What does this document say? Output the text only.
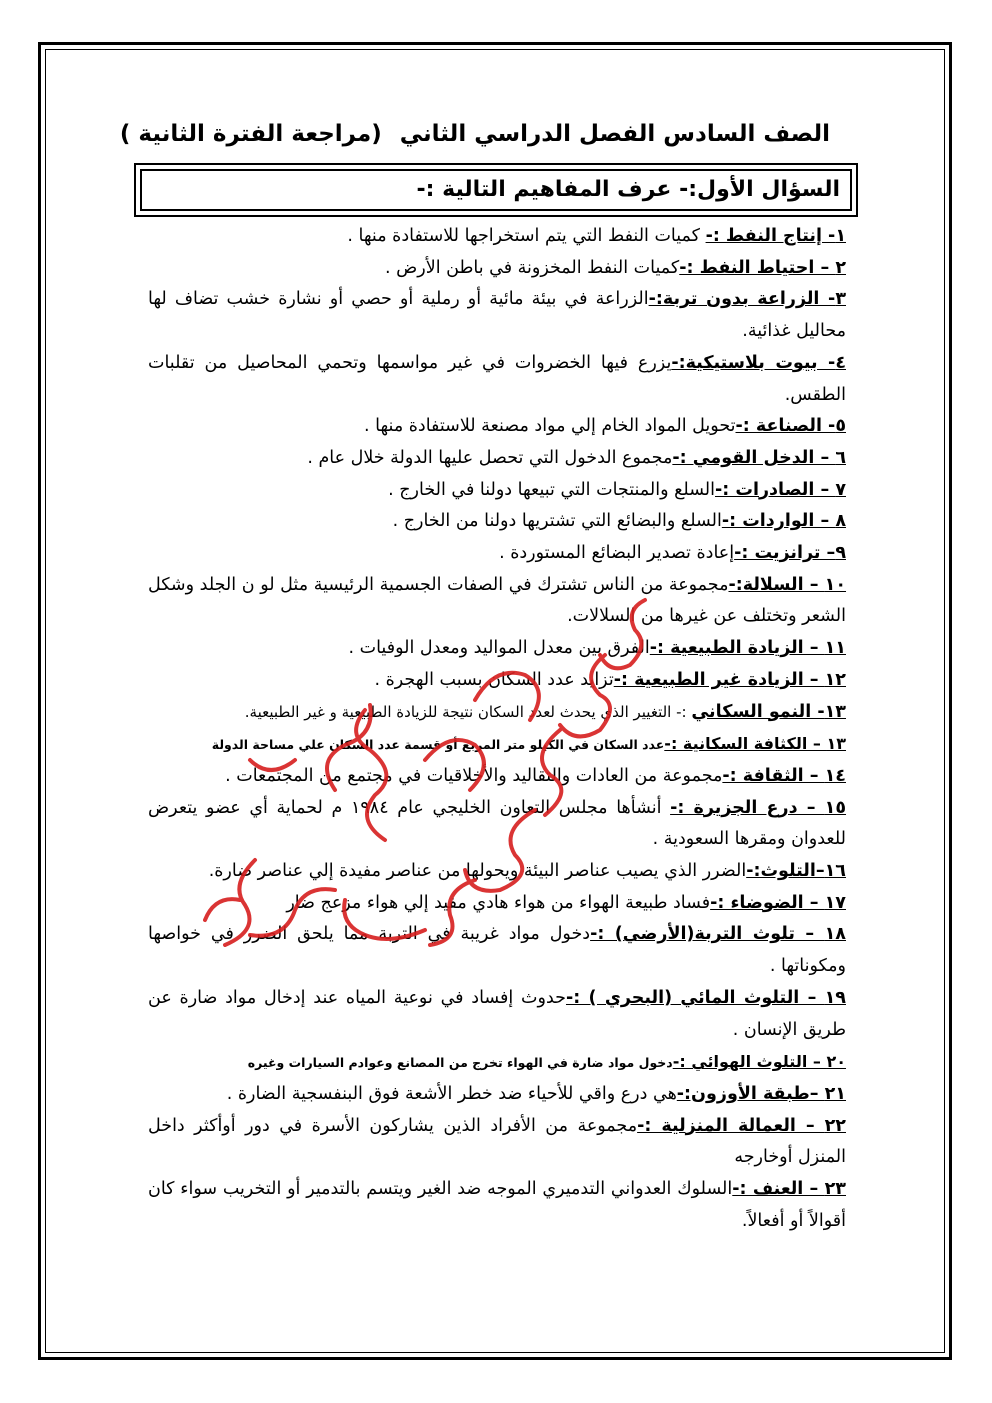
الصف السادس الفصل الدراسي الثاني(مراجعة الفترة الثانية )
السؤال الأول:- عرف المفاهيم التالية :-
١- إنتاج النفط :- كميات النفط التي يتم استخراجها للاستفادة منها .
٢ – احتياط النفط :-كميات النفط المخزونة في باطن الأرض .
٣- الزراعة بدون تربة:-الزراعة في بيئة مائية أو رملية أو حصي أو نشارة خشب تضاف لها محاليل غذائية.
٤- بيوت بلاستيكية:-يزرع فيها الخضروات في غير مواسمها وتحمي المحاصيل من تقلبات الطقس.
٥- الصناعة :-تحويل المواد الخام إلي مواد مصنعة للاستفادة منها .
٦ – الدخل القومي :-مجموع الدخول التي تحصل عليها الدولة خلال عام .
٧ – الصادرات :-السلع والمنتجات التي تبيعها دولنا في الخارج .
٨ – الواردات :-السلع والبضائع التي تشتريها دولنا من الخارج .
٩– ترانزيت :-إعادة تصدير البضائع المستوردة .
١٠ – السلالة:-مجموعة من الناس تشترك في الصفات الجسمية الرئيسية مثل لو ن الجلد وشكل الشعر وتختلف عن غيرها من السلالات.
١١ – الزيادة الطبيعية :-الفرق بين معدل المواليد ومعدل الوفيات .
١٢ – الزيادة غير الطبيعية :-تزايد عدد السكان بسبب الهجرة .
١٣- النمو السكاني :- التغيير الذي يحدث لعدد السكان نتيجة للزيادة الطبيعية و غير الطبيعية.
١٣ – الكثافة السكانية :-عدد السكان في الكيلو متر المربع أو قسمة عدد السكان علي مساحة الدولة
١٤ – الثقافة :-مجموعة من العادات والتقاليد والأخلاقيات في مجتمع من المجتمعات .
١٥ – درع الجزيرة :- أنشأها مجلس التعاون الخليجي عام ١٩٨٤ م لحماية أي عضو يتعرض للعدوان ومقرها السعودية .
١٦–التلوث:-الضرر الذي يصيب عناصر البيئة ويحولها من عناصر مفيدة إلي عناصر ضارة.
١٧ – الضوضاء :-فساد طبيعة الهواء من هواء هادي مفيد إلي هواء مزعج ضار
١٨ – تلوث التربة(الأرضي) :-دخول مواد غريبة في التربة مما يلحق الضرر في خواصها ومكوناتها .
١٩ – التلوث المائي (البحري ) :-حدوث إفساد في نوعية المياه عند إدخال مواد ضارة عن طريق الإنسان .
٢٠ – التلوث الهوائي :-دخول مواد ضارة في الهواء تخرج من المصانع وعوادم السيارات وغيره
٢١ –طبقة الأوزون:-هي درع واقي للأحياء ضد خطر الأشعة فوق البنفسجية الضارة .
٢٢ – العمالة المنزلية :-مجموعة من الأفراد الذين يشاركون الأسرة في دور أوأكثر داخل المنزل أوخارجه
٢٣ – العنف :-السلوك العدواني التدميري الموجه ضد الغير ويتسم بالتدمير أو التخريب سواء كان أقوالاً أو أفعالاً.
